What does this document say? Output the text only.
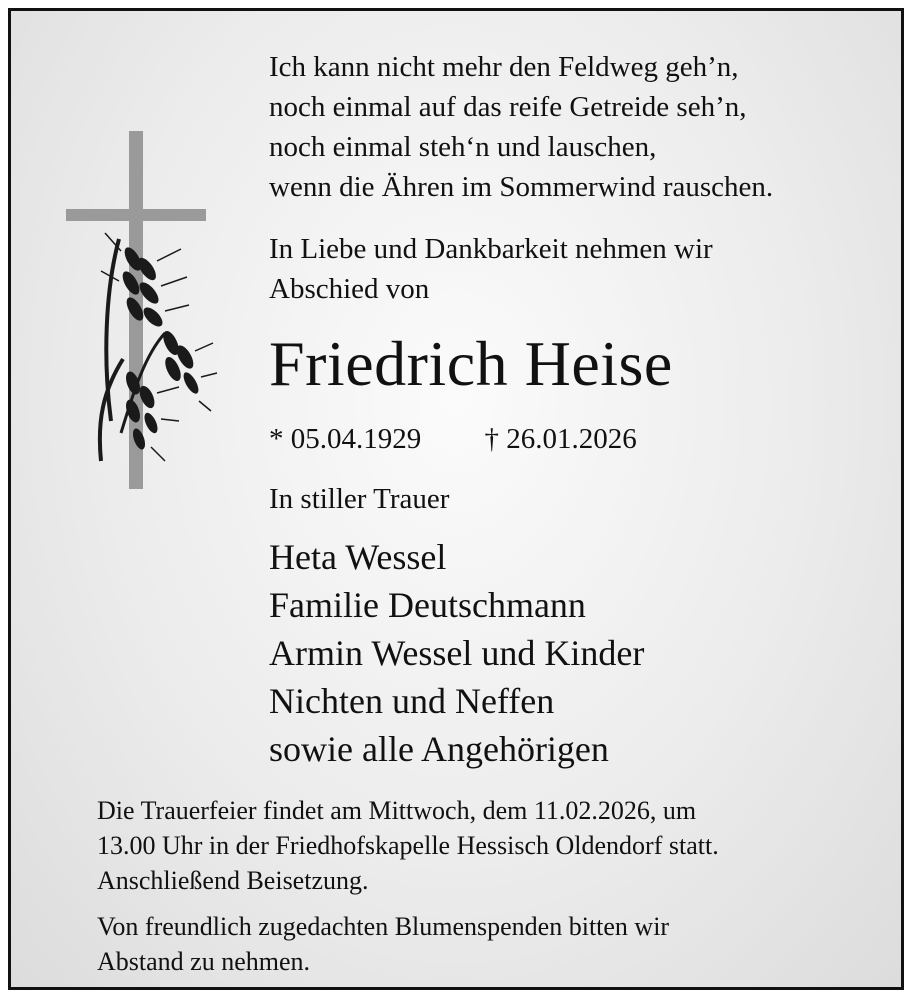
Ich kann nicht mehr den Feldweg geh’n,
noch einmal auf das reife Getreide seh’n,
noch einmal steh‘n und lauschen,
wenn die Ähren im Sommerwind rauschen.
In Liebe und Dankbarkeit nehmen wir
Abschied von
Friedrich Heise
* 05.04.1929 † 26.01.2026
In stiller Trauer
Heta Wessel
Familie Deutschmann
Armin Wessel und Kinder
Nichten und Neffen
sowie alle Angehörigen
Die Trauerfeier findet am Mittwoch, dem 11.02.2026, um
13.00 Uhr in der Friedhofskapelle Hessisch Oldendorf statt.
Anschließend Beisetzung.
Von freundlich zugedachten Blumenspenden bitten wir
Abstand zu nehmen.
